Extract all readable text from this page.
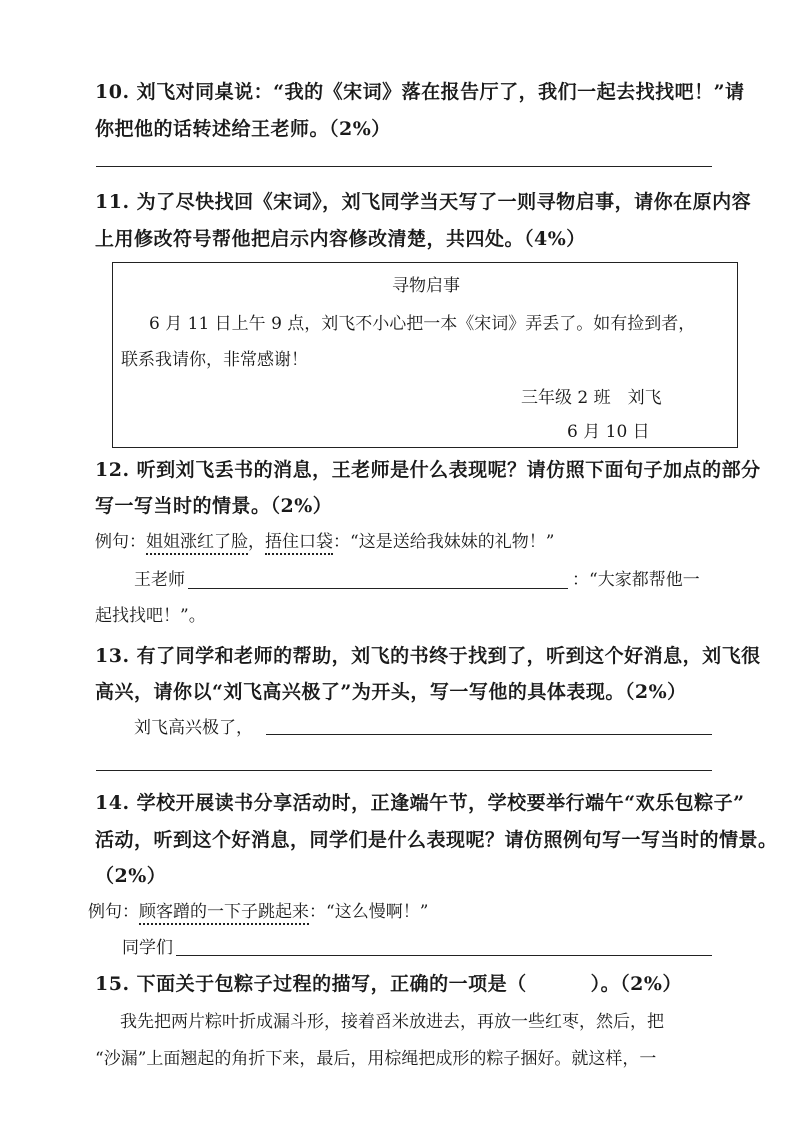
10. 刘飞对同桌说：“我的《宋词》落在报告厅了，我们一起去找找吧！”请
你把他的话转述给王老师。（2%）
11. 为了尽快找回《宋词》，刘飞同学当天写了一则寻物启事，请你在原内容
上用修改符号帮他把启示内容修改清楚，共四处。（4%）
寻物启事
6 月 11 日上午 9 点，刘飞不小心把一本《宋词》弄丢了。如有捡到者，
联系我请你，非常感谢！
三年级 2 班　刘飞
6 月 10 日
12. 听到刘飞丢书的消息，王老师是什么表现呢？请仿照下面句子加点的部分
写一写当时的情景。（2%）
例句：姐姐涨红了脸，捂住口袋：“这是送给我妹妹的礼物！”
王老师	：“大家都帮他一
起找找吧！”。
13. 有了同学和老师的帮助，刘飞的书终于找到了，听到这个好消息，刘飞很
高兴，请你以“刘飞高兴极了”为开头，写一写他的具体表现。（2%）
刘飞高兴极了，
14. 学校开展读书分享活动时，正逢端午节，学校要举行端午“欢乐包粽子”
活动，听到这个好消息，同学们是什么表现呢？请仿照例句写一写当时的情景。
（2%）
例句：顾客蹭的一下子跳起来：“这么慢啊！”
同学们
15. 下面关于包粽子过程的描写，正确的一项是（	）。（2%）
我先把两片粽叶折成漏斗形，接着舀米放进去，再放一些红枣，然后，把
“沙漏”上面翘起的角折下来，最后，用棕绳把成形的粽子捆好。就这样，一
